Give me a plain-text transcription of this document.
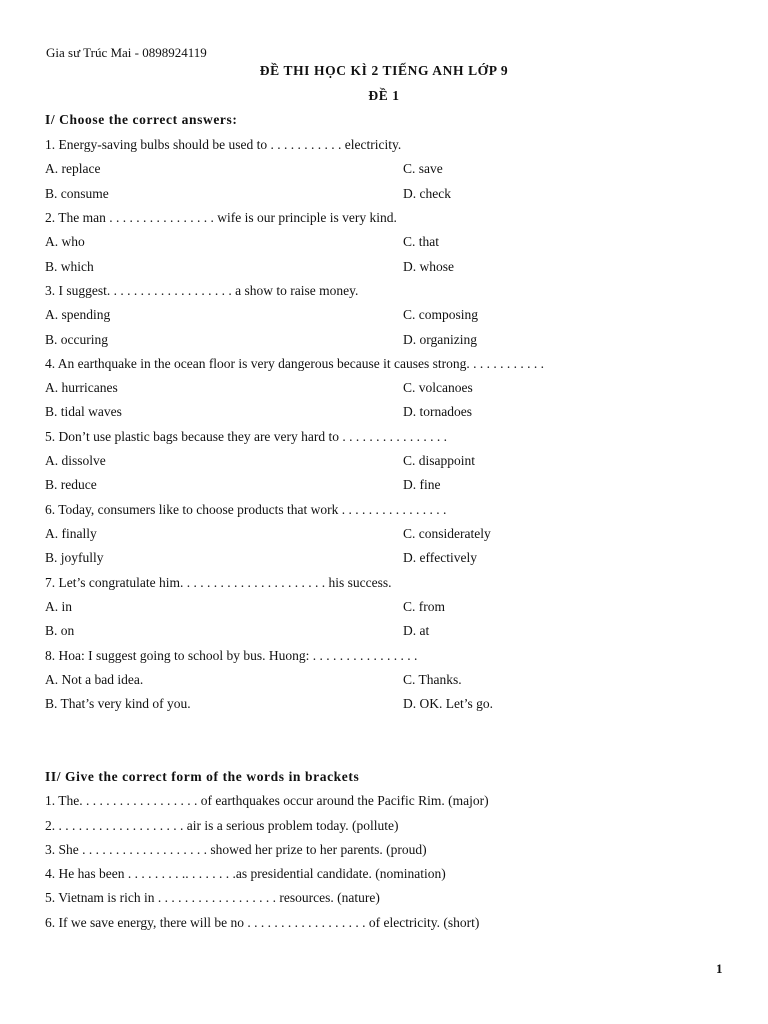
Gia sư Trúc Mai - 0898924119
ĐỀ THI HỌC KÌ 2 TIẾNG ANH LỚP 9
ĐỀ 1
I/ Choose the correct answers:
1. Energy-saving bulbs should be used to . . . . . . . . . . . electricity.
A. replace	C. save
B. consume	D. check
2. The man . . . . . . . . . . . . . . . . wife is our principle is very kind.
A. who	C. that
B. which	D. whose
3. I suggest. . . . . . . . . . . . . . . . . . . a show to raise money.
A. spending	C. composing
B. occuring	D. organizing
4. An earthquake in the ocean floor is very dangerous because it causes strong. . . . . . . . . . . .
A. hurricanes	C. volcanoes
B. tidal waves	D. tornadoes
5. Don’t use plastic bags because they are very hard to . . . . . . . . . . . . . . . .
A. dissolve	C. disappoint
B. reduce	D. fine
6. Today, consumers like to choose products that work . . . . . . . . . . . . . . . .
A. finally	C. considerately
B. joyfully	D. effectively
7. Let’s congratulate him. . . . . . . . . . . . . . . . . . . . . . his success.
A. in	C. from
B. on	D. at
8. Hoa: I suggest going to school by bus. Huong: . . . . . . . . . . . . . . . .
A. Not a bad idea.	C. Thanks.
B. That’s very kind of you.	D. OK. Let’s go.
II/ Give the correct form of the words in brackets
1. The. . . . . . . . . . . . . . . . . . of earthquakes occur around the Pacific Rim. (major)
2. . . . . . . . . . . . . . . . . . . . air is a serious problem today. (pollute)
3. She . . . . . . . . . . . . . . . . . . . showed her prize to her parents. (proud)
4. He has been . . . . . . . . .. . . . . . . .as presidential candidate. (nomination)
5. Vietnam is rich in . . . . . . . . . . . . . . . . . . resources. (nature)
6. If we save energy, there will be no . . . . . . . . . . . . . . . . . . of electricity. (short)
1
